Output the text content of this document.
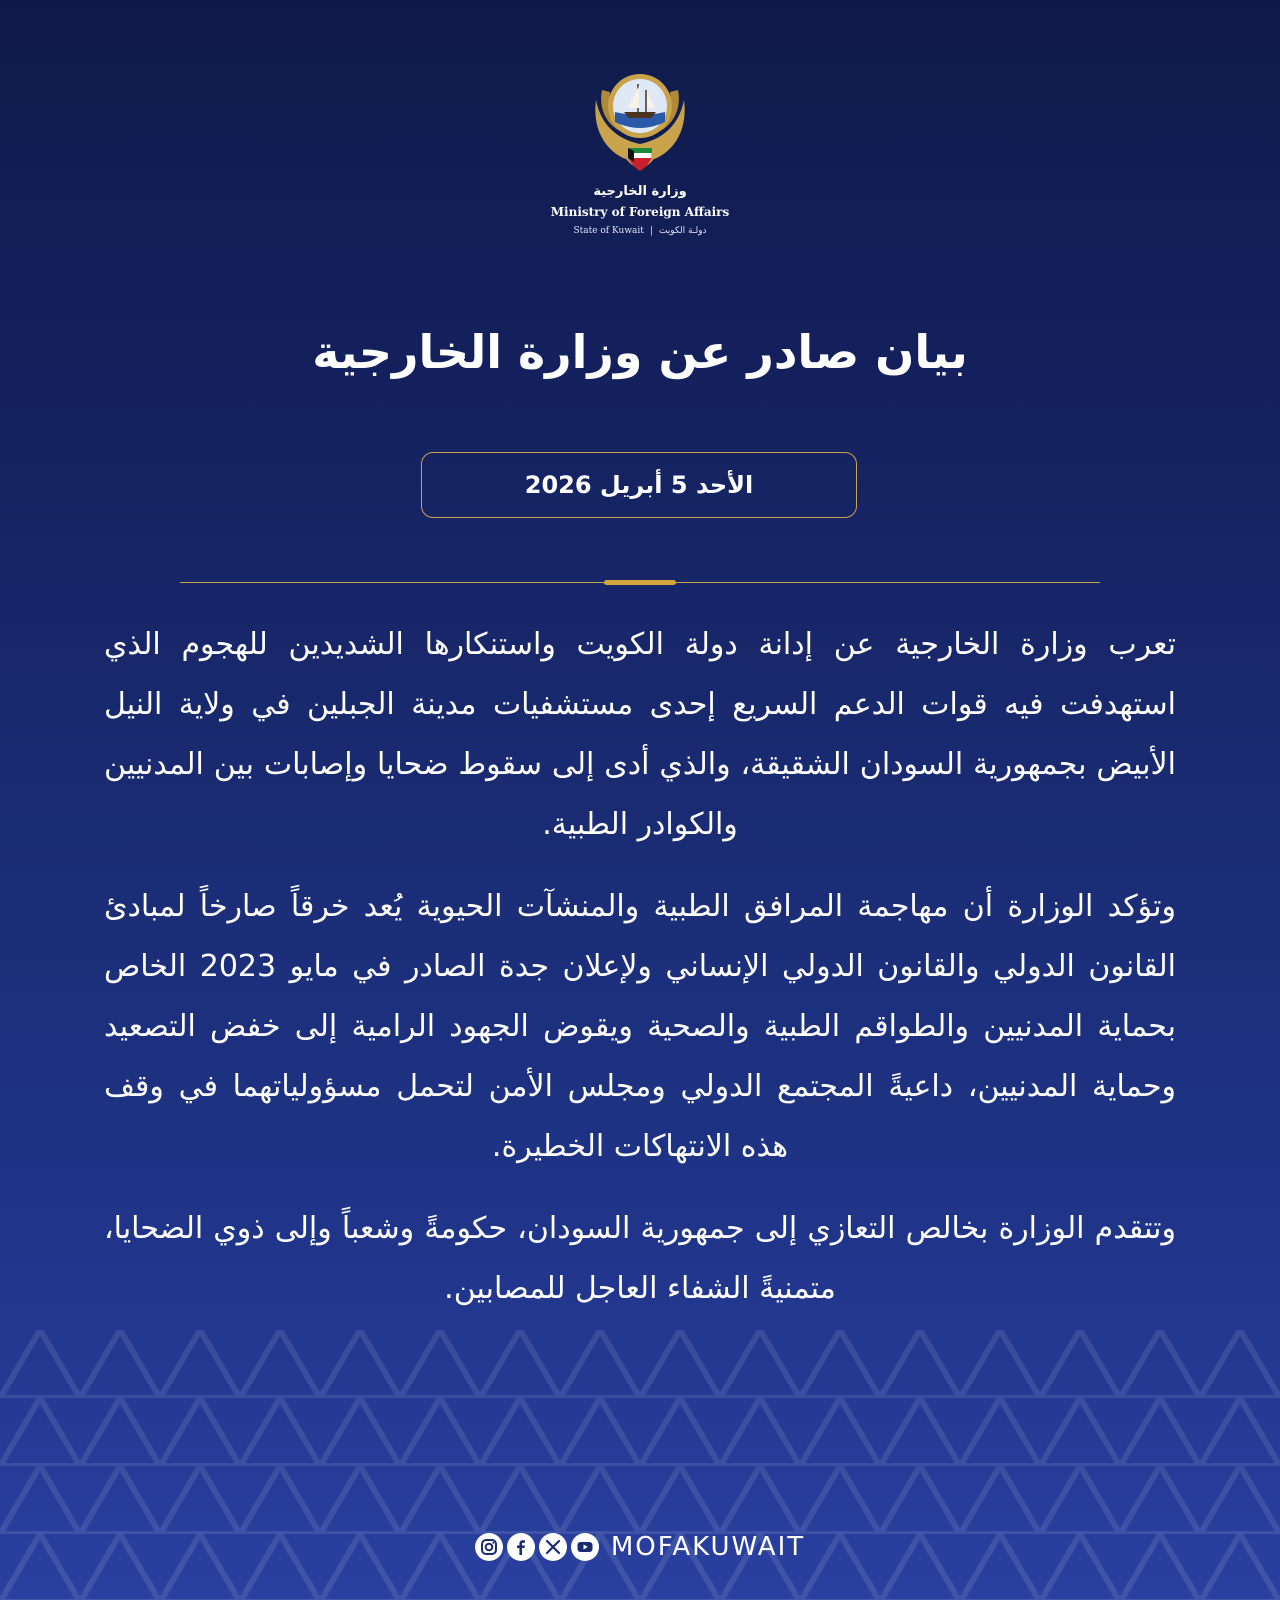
وزارة الخارجية
Ministry of Foreign Affairs
State of Kuwait | دولـة الكويت
بيان صادر عن وزارة الخارجية
الأحد 5 أبريل 2026

تعرب وزارة الخارجية عن إدانة دولة الكويت واستنكارها الشديدين للهجوم الذي استهدفت فيه قوات الدعم السريع إحدى مستشفيات مدينة الجبلين في ولاية النيل الأبيض بجمهورية السودان الشقيقة، والذي أدى إلى سقوط ضحايا وإصابات بين المدنيين والكوادر الطبية.

وتؤكد الوزارة أن مهاجمة المرافق الطبية والمنشآت الحيوية يُعد خرقاً صارخاً لمبادئ القانون الدولي والقانون الدولي الإنساني ولإعلان جدة الصادر في مايو 2023 الخاص بحماية المدنيين والطواقم الطبية والصحية ويقوض الجهود الرامية إلى خفض التصعيد وحماية المدنيين، داعيةً المجتمع الدولي ومجلس الأمن لتحمل مسؤولياتهما في وقف هذه الانتهاكات الخطيرة.

وتتقدم الوزارة بخالص التعازي إلى جمهورية السودان، حكومةً وشعباً وإلى ذوي الضحايا، متمنيةً الشفاء العاجل للمصابين.

MOFAKUWAIT
